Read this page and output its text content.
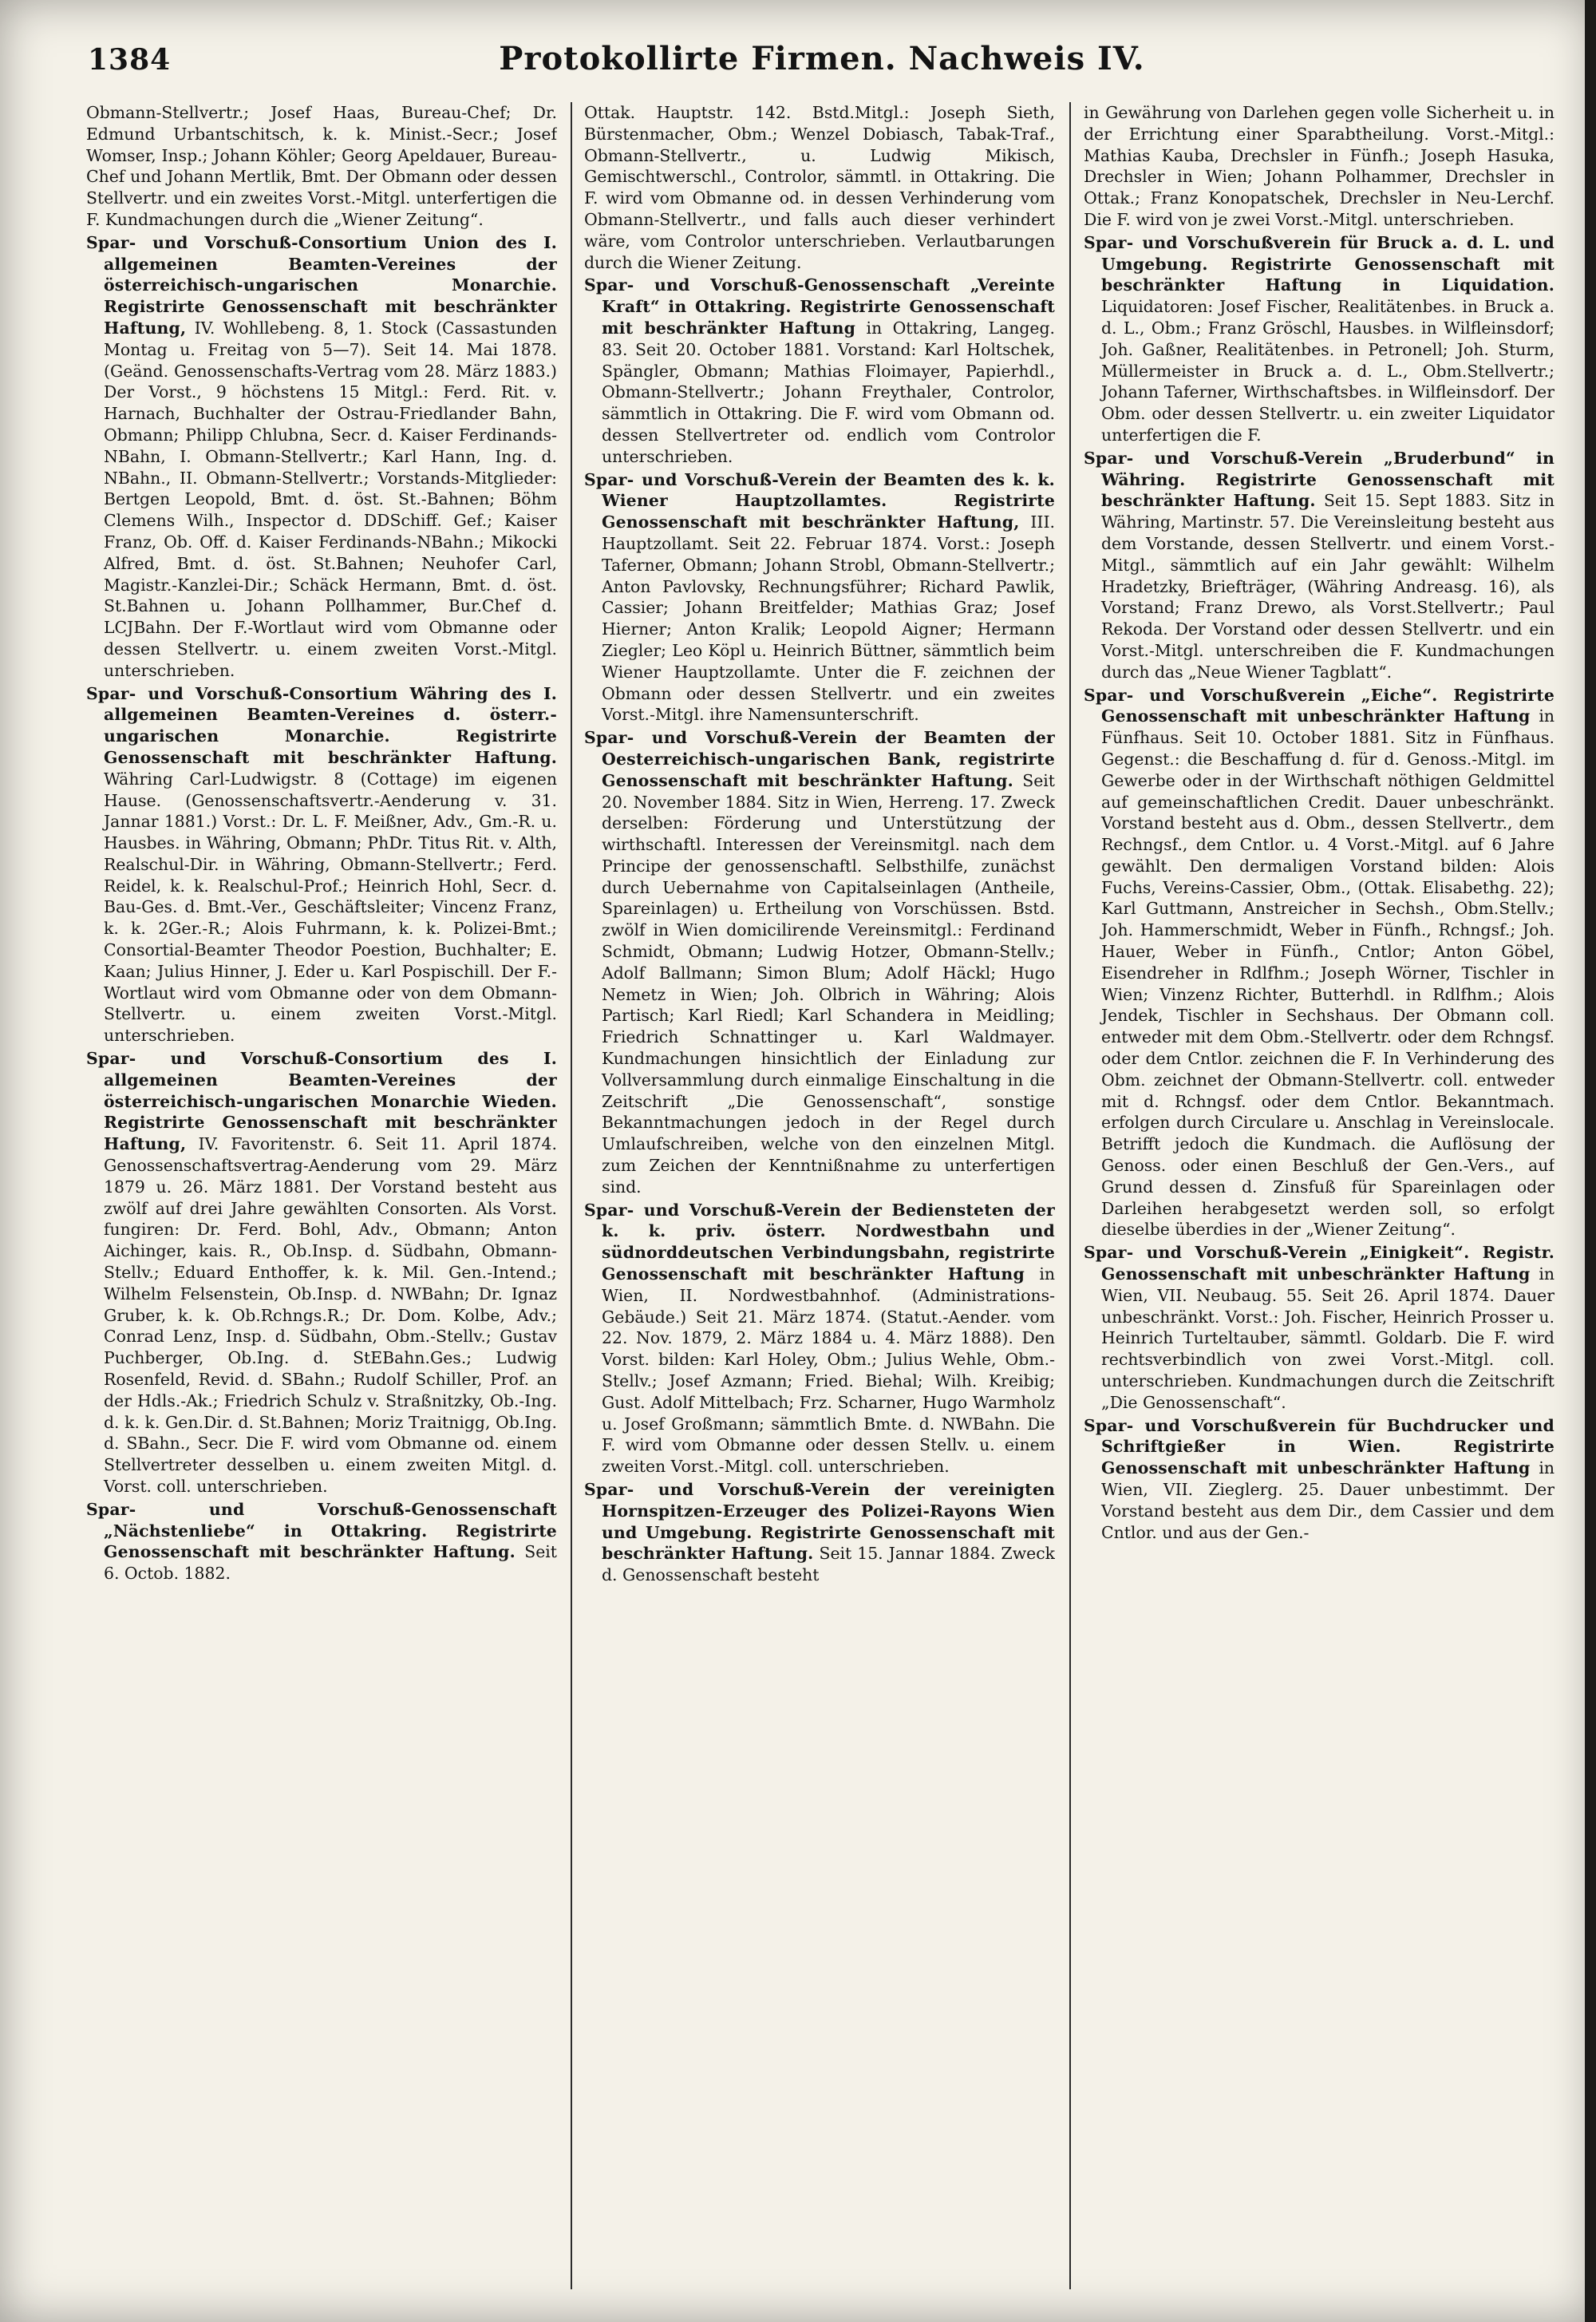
Protokollirte Firmen. Nachweis IV.
1384

Obmann-Stellvertr.; Josef Haas, Bureau-Chef; Dr. Edmund Urbantschitsch, k. k. Minist.-Secr.; Josef Womser, Insp.; Johann Köhler; Georg Apeldauer, Bureau-Chef und Johann Mertlik, Bmt. Der Obmann oder dessen Stellvertr. und ein zweites Vorst.-Mitgl. unterfertigen die F. Kundmachungen durch die „Wiener Zeitung“.

Spar- und Vorschuß-Consortium Union des I. allgemeinen Beamten-Vereines der österreichisch-ungarischen Monarchie. Registrirte Genossenschaft mit beschränkter Haftung, IV. Wohllebeng. 8, 1. Stock (Cassastunden Montag u. Freitag von 5—7). Seit 14. Mai 1878. (Geänd. Genossenschafts-Vertrag vom 28. März 1883.) Der Vorst., 9 höchstens 15 Mitgl.: Ferd. Rit. v. Harnach, Buchhalter der Ostrau-Friedlander Bahn, Obmann; Philipp Chlubna, Secr. d. Kaiser Ferdinands-NBahn, I. Obmann-Stellvertr.; Karl Hann, Ing. d. NBahn., II. Obmann-Stellvertr.; Vorstands-Mitglieder: Bertgen Leopold, Bmt. d. öst. St.-Bahnen; Böhm Clemens Wilh., Inspector d. DDSchiff. Gef.; Kaiser Franz, Ob. Off. d. Kaiser Ferdinands-NBahn.; Mikocki Alfred, Bmt. d. öst. St.Bahnen; Neuhofer Carl, Magistr.-Kanzlei-Dir.; Schäck Hermann, Bmt. d. öst. St.Bahnen u. Johann Pollhammer, Bur.Chef d. LCJBahn. Der F.-Wortlaut wird vom Obmanne oder dessen Stellvertr. u. einem zweiten Vorst.-Mitgl. unterschrieben.

Spar- und Vorschuß-Consortium Währing des I. allgemeinen Beamten-Vereines d. österr.-ungarischen Monarchie. Registrirte Genossenschaft mit beschränkter Haftung. Währing Carl-Ludwigstr. 8 (Cottage) im eigenen Hause. (Genossenschaftsvertr.-Aenderung v. 31. Jannar 1881.) Vorst.: Dr. L. F. Meißner, Adv., Gm.-R. u. Hausbes. in Währing, Obmann; PhDr. Titus Rit. v. Alth, Realschul-Dir. in Währing, Obmann-Stellvertr.; Ferd. Reidel, k. k. Realschul-Prof.; Heinrich Hohl, Secr. d. Bau-Ges. d. Bmt.-Ver., Geschäftsleiter; Vincenz Franz, k. k. 2Ger.-R.; Alois Fuhrmann, k. k. Polizei-Bmt.; Consortial-Beamter Theodor Poestion, Buchhalter; E. Kaan; Julius Hinner, J. Eder u. Karl Pospischill. Der F.-Wortlaut wird vom Obmanne oder von dem Obmann-Stellvertr. u. einem zweiten Vorst.-Mitgl. unterschrieben.

Spar- und Vorschuß-Consortium des I. allgemeinen Beamten-Vereines der österreichisch-ungarischen Monarchie Wieden. Registrirte Genossenschaft mit beschränkter Haftung, IV. Favoritenstr. 6. Seit 11. April 1874. Genossenschaftsvertrag-Aenderung vom 29. März 1879 u. 26. März 1881. Der Vorstand besteht aus zwölf auf drei Jahre gewählten Consorten. Als Vorst. fungiren: Dr. Ferd. Bohl, Adv., Obmann; Anton Aichinger, kais. R., Ob.Insp. d. Südbahn, Obmann-Stellv.; Eduard Enthoffer, k. k. Mil. Gen.-Intend.; Wilhelm Felsenstein, Ob.Insp. d. NWBahn; Dr. Ignaz Gruber, k. k. Ob.Rchngs.R.; Dr. Dom. Kolbe, Adv.; Conrad Lenz, Insp. d. Südbahn, Obm.-Stellv.; Gustav Puchberger, Ob.Ing. d. StEBahn.Ges.; Ludwig Rosenfeld, Revid. d. SBahn.; Rudolf Schiller, Prof. an der Hdls.-Ak.; Friedrich Schulz v. Straßnitzky, Ob.-Ing. d. k. k. Gen.Dir. d. St.Bahnen; Moriz Traitnigg, Ob.Ing. d. SBahn., Secr. Die F. wird vom Obmanne od. einem Stellvertreter desselben u. einem zweiten Mitgl. d. Vorst. coll. unterschrieben.

Spar- und Vorschuß-Genossenschaft „Nächstenliebe“ in Ottakring. Registrirte Genossenschaft mit beschränkter Haftung. Seit 6. Octob. 1882.

Ottak. Hauptstr. 142. Bstd.Mitgl.: Joseph Sieth, Bürstenmacher, Obm.; Wenzel Dobiasch, Tabak-Traf., Obmann-Stellvertr., u. Ludwig Mikisch, Gemischtwerschl., Controlor, sämmtl. in Ottakring. Die F. wird vom Obmanne od. in dessen Verhinderung vom Obmann-Stellvertr., und falls auch dieser verhindert wäre, vom Controlor unterschrieben. Verlautbarungen durch die Wiener Zeitung.

Spar- und Vorschuß-Genossenschaft „Vereinte Kraft“ in Ottakring. Registrirte Genossenschaft mit beschränkter Haftung in Ottakring, Langeg. 83. Seit 20. October 1881. Vorstand: Karl Holtschek, Spängler, Obmann; Mathias Floimayer, Papierhdl., Obmann-Stellvertr.; Johann Freythaler, Controlor, sämmtlich in Ottakring. Die F. wird vom Obmann od. dessen Stellvertreter od. endlich vom Controlor unterschrieben.

Spar- und Vorschuß-Verein der Beamten des k. k. Wiener Hauptzollamtes. Registrirte Genossenschaft mit beschränkter Haftung, III. Hauptzollamt. Seit 22. Februar 1874. Vorst.: Joseph Taferner, Obmann; Johann Strobl, Obmann-Stellvertr.; Anton Pavlovsky, Rechnungsführer; Richard Pawlik, Cassier; Johann Breitfelder; Mathias Graz; Josef Hierner; Anton Kralik; Leopold Aigner; Hermann Ziegler; Leo Köpl u. Heinrich Büttner, sämmtlich beim Wiener Hauptzollamte. Unter die F. zeichnen der Obmann oder dessen Stellvertr. und ein zweites Vorst.-Mitgl. ihre Namensunterschrift.

Spar- und Vorschuß-Verein der Beamten der Oesterreichisch-ungarischen Bank, registrirte Genossenschaft mit beschränkter Haftung. Seit 20. November 1884. Sitz in Wien, Herreng. 17. Zweck derselben: Förderung und Unterstützung der wirthschaftl. Interessen der Vereinsmitgl. nach dem Principe der genossenschaftl. Selbsthilfe, zunächst durch Uebernahme von Capitalseinlagen (Antheile, Spareinlagen) u. Ertheilung von Vorschüssen. Bstd. zwölf in Wien domicilirende Vereinsmitgl.: Ferdinand Schmidt, Obmann; Ludwig Hotzer, Obmann-Stellv.; Adolf Ballmann; Simon Blum; Adolf Häckl; Hugo Nemetz in Wien; Joh. Olbrich in Währing; Alois Partisch; Karl Riedl; Karl Schandera in Meidling; Friedrich Schnattinger u. Karl Waldmayer. Kundmachungen hinsichtlich der Einladung zur Vollversammlung durch einmalige Einschaltung in die Zeitschrift „Die Genossenschaft“, sonstige Bekanntmachungen jedoch in der Regel durch Umlaufschreiben, welche von den einzelnen Mitgl. zum Zeichen der Kenntnißnahme zu unterfertigen sind.

Spar- und Vorschuß-Verein der Bediensteten der k. k. priv. österr. Nordwestbahn und südnorddeutschen Verbindungsbahn, registrirte Genossenschaft mit beschränkter Haftung in Wien, II. Nordwestbahnhof. (Administrations-Gebäude.) Seit 21. März 1874. (Statut.-Aender. vom 22. Nov. 1879, 2. März 1884 u. 4. März 1888). Den Vorst. bilden: Karl Holey, Obm.; Julius Wehle, Obm.-Stellv.; Josef Azmann; Fried. Biehal; Wilh. Kreibig; Gust. Adolf Mittelbach; Frz. Scharner, Hugo Warmholz u. Josef Großmann; sämmtlich Bmte. d. NWBahn. Die F. wird vom Obmanne oder dessen Stellv. u. einem zweiten Vorst.-Mitgl. coll. unterschrieben.

Spar- und Vorschuß-Verein der vereinigten Hornspitzen-Erzeuger des Polizei-Rayons Wien und Umgebung. Registrirte Genossenschaft mit beschränkter Haftung. Seit 15. Jannar 1884. Zweck d. Genossenschaft besteht

in Gewährung von Darlehen gegen volle Sicherheit u. in der Errichtung einer Sparabtheilung. Vorst.-Mitgl.: Mathias Kauba, Drechsler in Fünfh.; Joseph Hasuka, Drechsler in Wien; Johann Polhammer, Drechsler in Ottak.; Franz Konopatschek, Drechsler in Neu-Lerchf. Die F. wird von je zwei Vorst.-Mitgl. unterschrieben.

Spar- und Vorschußverein für Bruck a. d. L. und Umgebung. Registrirte Genossenschaft mit beschränkter Haftung in Liquidation. Liquidatoren: Josef Fischer, Realitätenbes. in Bruck a. d. L., Obm.; Franz Gröschl, Hausbes. in Wilfleinsdorf; Joh. Gaßner, Realitätenbes. in Petronell; Joh. Sturm, Müllermeister in Bruck a. d. L., Obm.Stellvertr.; Johann Taferner, Wirthschaftsbes. in Wilfleinsdorf. Der Obm. oder dessen Stellvertr. u. ein zweiter Liquidator unterfertigen die F.

Spar- und Vorschuß-Verein „Bruderbund“ in Währing. Registrirte Genossenschaft mit beschränkter Haftung. Seit 15. Sept 1883. Sitz in Währing, Martinstr. 57. Die Vereinsleitung besteht aus dem Vorstande, dessen Stellvertr. und einem Vorst.-Mitgl., sämmtlich auf ein Jahr gewählt: Wilhelm Hradetzky, Briefträger, (Währing Andreasg. 16), als Vorstand; Franz Drewo, als Vorst.Stellvertr.; Paul Rekoda. Der Vorstand oder dessen Stellvertr. und ein Vorst.-Mitgl. unterschreiben die F. Kundmachungen durch das „Neue Wiener Tagblatt“.

Spar- und Vorschußverein „Eiche“. Registrirte Genossenschaft mit unbeschränkter Haftung in Fünfhaus. Seit 10. October 1881. Sitz in Fünfhaus. Gegenst.: die Beschaffung d. für d. Genoss.-Mitgl. im Gewerbe oder in der Wirthschaft nöthigen Geldmittel auf gemeinschaftlichen Credit. Dauer unbeschränkt. Vorstand besteht aus d. Obm., dessen Stellvertr., dem Rechngsf., dem Cntlor. u. 4 Vorst.-Mitgl. auf 6 Jahre gewählt. Den dermaligen Vorstand bilden: Alois Fuchs, Vereins-Cassier, Obm., (Ottak. Elisabethg. 22); Karl Guttmann, Anstreicher in Sechsh., Obm.Stellv.; Joh. Hammerschmidt, Weber in Fünfh., Rchngsf.; Joh. Hauer, Weber in Fünfh., Cntlor; Anton Göbel, Eisendreher in Rdlfhm.; Joseph Wörner, Tischler in Wien; Vinzenz Richter, Butterhdl. in Rdlfhm.; Alois Jendek, Tischler in Sechshaus. Der Obmann coll. entweder mit dem Obm.-Stellvertr. oder dem Rchngsf. oder dem Cntlor. zeichnen die F. In Verhinderung des Obm. zeichnet der Obmann-Stellvertr. coll. entweder mit d. Rchngsf. oder dem Cntlor. Bekanntmach. erfolgen durch Circulare u. Anschlag in Vereinslocale. Betrifft jedoch die Kundmach. die Auflösung der Genoss. oder einen Beschluß der Gen.-Vers., auf Grund dessen d. Zinsfuß für Spareinlagen oder Darleihen herabgesetzt werden soll, so erfolgt dieselbe überdies in der „Wiener Zeitung“.

Spar- und Vorschuß-Verein „Einigkeit“. Registr. Genossenschaft mit unbeschränkter Haftung in Wien, VII. Neubaug. 55. Seit 26. April 1874. Dauer unbeschränkt. Vorst.: Joh. Fischer, Heinrich Prosser u. Heinrich Turteltauber, sämmtl. Goldarb. Die F. wird rechtsverbindlich von zwei Vorst.-Mitgl. coll. unterschrieben. Kundmachungen durch die Zeitschrift „Die Genossenschaft“.

Spar- und Vorschußverein für Buchdrucker und Schriftgießer in Wien. Registrirte Genossenschaft mit unbeschränkter Haftung in Wien, VII. Zieglerg. 25. Dauer unbestimmt. Der Vorstand besteht aus dem Dir., dem Cassier und dem Cntlor. und aus der Gen.-
